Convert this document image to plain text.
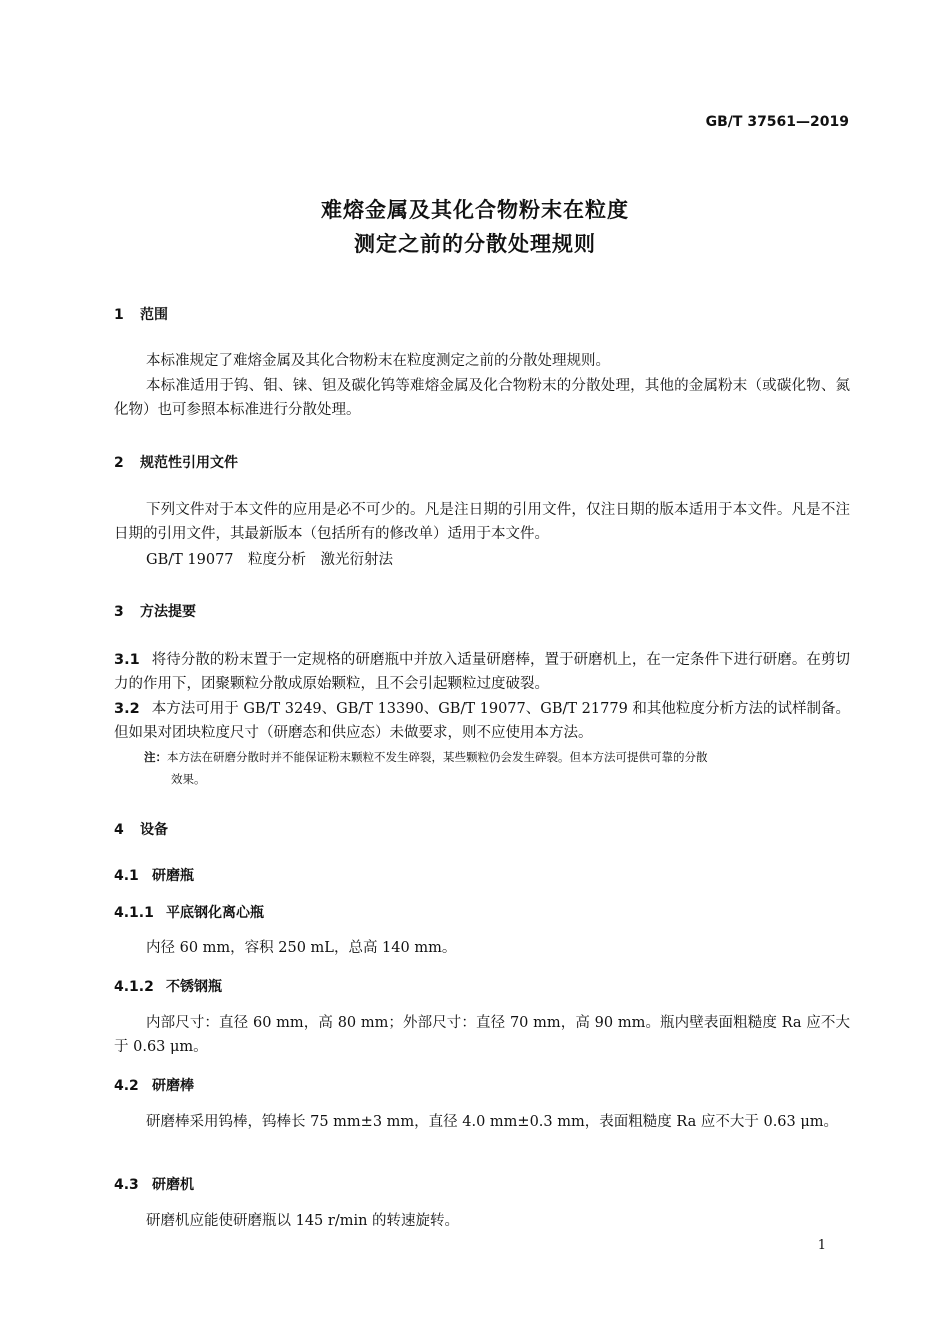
GB/T 37561—2019
难熔金属及其化合物粉末在粒度
测定之前的分散处理规则
1 范围
本标准规定了难熔金属及其化合物粉末在粒度测定之前的分散处理规则。
本标准适用于钨、钼、铼、钽及碳化钨等难熔金属及化合物粉末的分散处理，其他的金属粉末（或碳化物、氮化物）也可参照本标准进行分散处理。
2 规范性引用文件
下列文件对于本文件的应用是必不可少的。凡是注日期的引用文件，仅注日期的版本适用于本文件。凡是不注日期的引用文件，其最新版本（包括所有的修改单）适用于本文件。
GB/T 19077　粒度分析　激光衍射法
3 方法提要
3.1 将待分散的粉末置于一定规格的研磨瓶中并放入适量研磨棒，置于研磨机上，在一定条件下进行研磨。在剪切力的作用下，团聚颗粒分散成原始颗粒，且不会引起颗粒过度破裂。
3.2 本方法可用于 GB/T 3249、GB/T 13390、GB/T 19077、GB/T 21779 和其他粒度分析方法的试样制备。但如果对团块粒度尺寸（研磨态和供应态）未做要求，则不应使用本方法。
注：本方法在研磨分散时并不能保证粉末颗粒不发生碎裂，某些颗粒仍会发生碎裂。但本方法可提供可靠的分散
效果。
4 设备
4.1 研磨瓶
4.1.1 平底钢化离心瓶
内径 60 mm，容积 250 mL，总高 140 mm。
4.1.2 不锈钢瓶
内部尺寸：直径 60 mm，高 80 mm；外部尺寸：直径 70 mm，高 90 mm。瓶内壁表面粗糙度 Ra 应不大于 0.63 μm。
4.2 研磨棒
研磨棒采用钨棒，钨棒长 75 mm±3 mm，直径 4.0 mm±0.3 mm，表面粗糙度 Ra 应不大于 0.63 μm。
4.3 研磨机
研磨机应能使研磨瓶以 145 r/min 的转速旋转。
1
